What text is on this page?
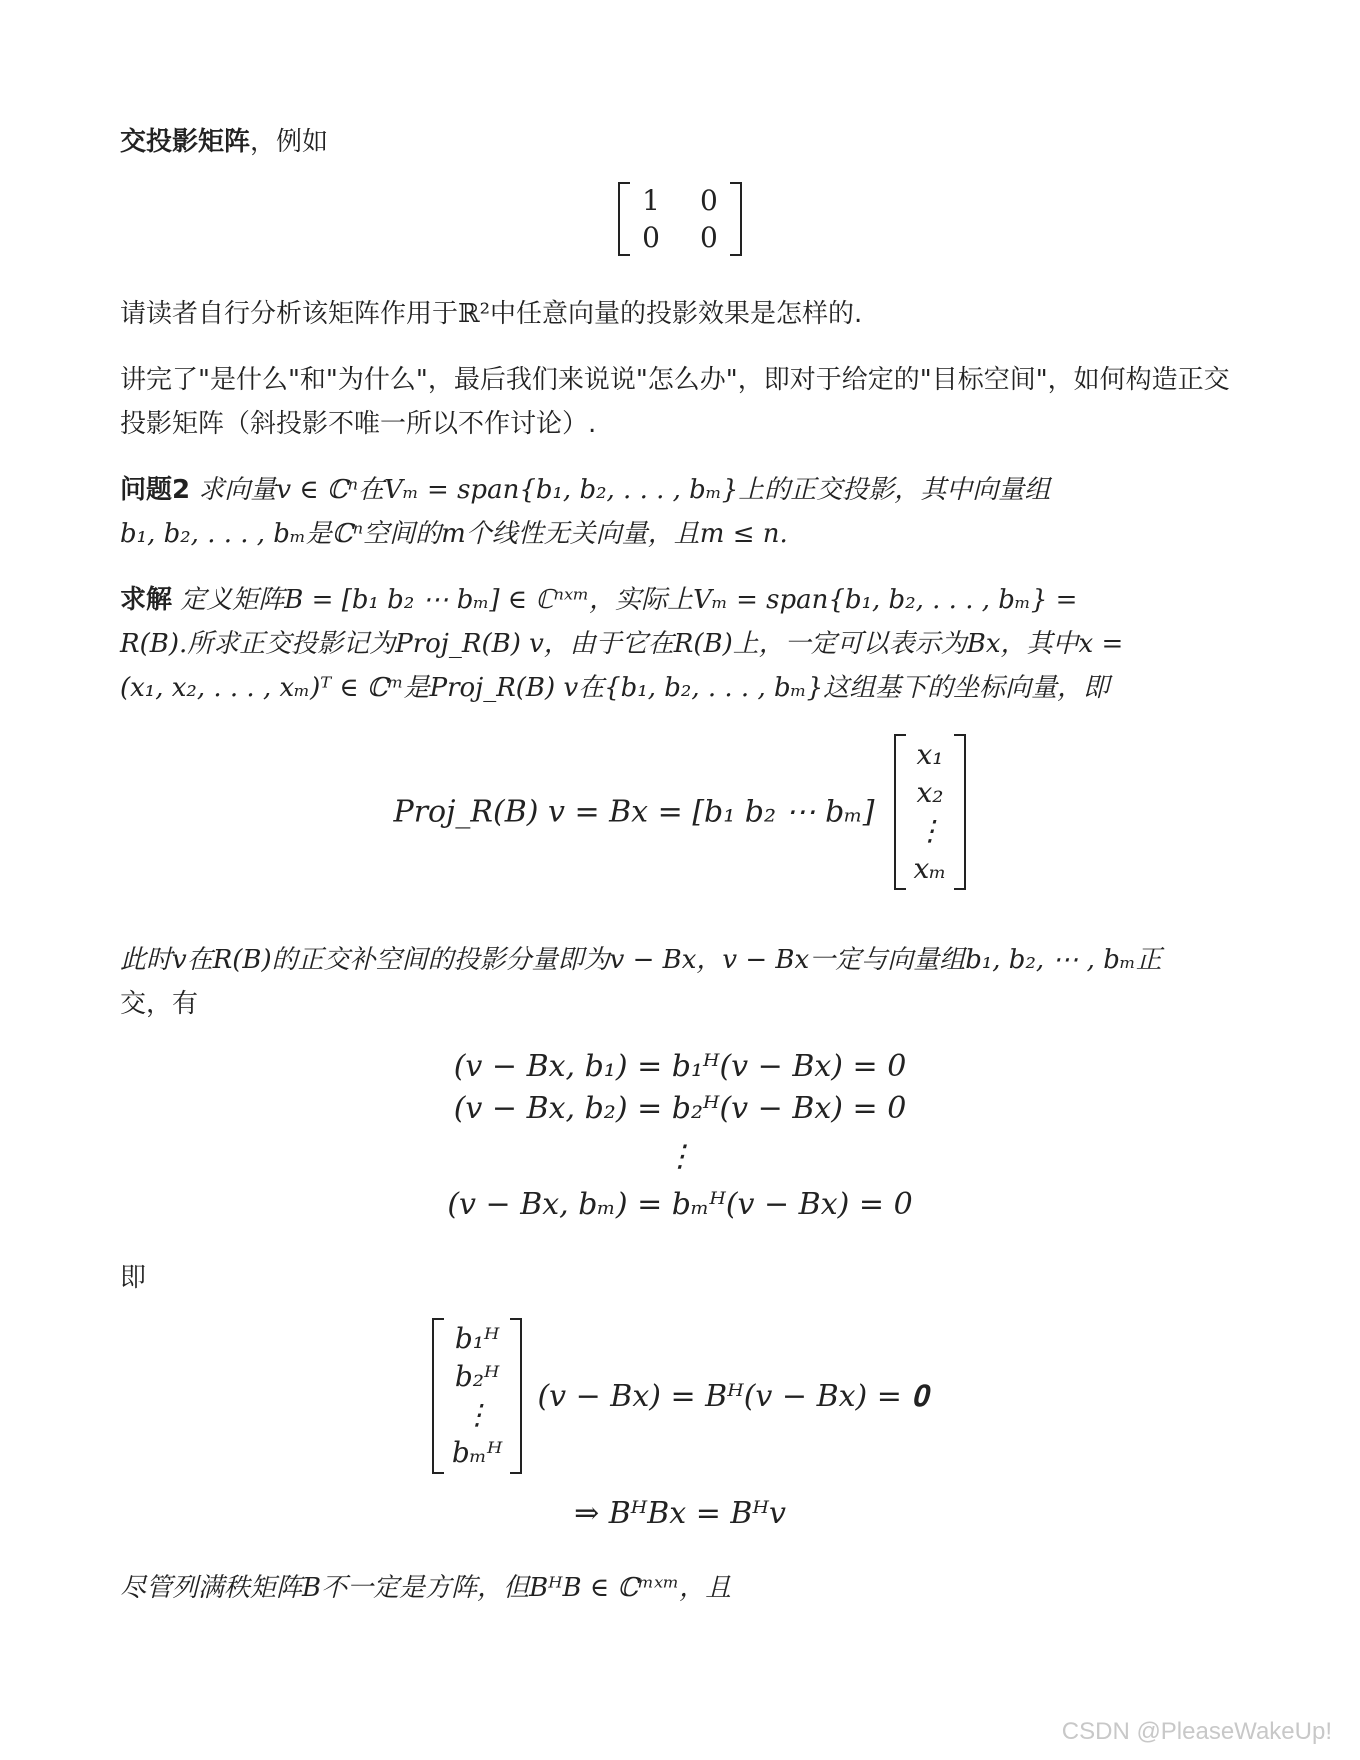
交投影矩阵，例如
1 0
0 0
请读者自行分析该矩阵作用于ℝ²中任意向量的投影效果是怎样的.
讲完了"是什么"和"为什么"，最后我们来说说"怎么办"，即对于给定的"目标空间"，如何构造正交
投影矩阵（斜投影不唯一所以不作讨论）.
问题2 求向量v ∈ ℂⁿ在Vₘ = span{b₁, b₂, . . . , bₘ}上的正交投影，其中向量组
b₁, b₂, . . . , bₘ是ℂⁿ空间的m个线性无关向量，且m ≤ n.
求解 定义矩阵B = [b₁ b₂ ⋯ bₘ] ∈ ℂⁿˣᵐ，实际上Vₘ = span{b₁, b₂, . . . , bₘ} =
R(B).所求正交投影记为Proj_R(B) v，由于它在R(B)上，一定可以表示为Bx，其中x =
(x₁, x₂, . . . , xₘ)ᵀ ∈ ℂᵐ是Proj_R(B) v在{b₁, b₂, . . . , bₘ}这组基下的坐标向量，即
Proj_R(B) v = Bx = [b₁ b₂ ⋯ bₘ]
x₁
x₂
⋮
xₘ
此时v在R(B)的正交补空间的投影分量即为v − Bx，v − Bx一定与向量组b₁, b₂, ⋯ , bₘ正
交，有
(v − Bx, b₁) = b₁ᴴ(v − Bx) = 0
(v − Bx, b₂) = b₂ᴴ(v − Bx) = 0
⋮
(v − Bx, bₘ) = bₘᴴ(v − Bx) = 0
即
b₁ᴴ
b₂ᴴ
⋮
bₘᴴ
(v − Bx) = Bᴴ(v − Bx) = 𝟎
⇒ BᴴBx = Bᴴv
尽管列满秩矩阵B不一定是方阵，但BᴴB ∈ ℂᵐˣᵐ，且
CSDN @PleaseWakeUp!
